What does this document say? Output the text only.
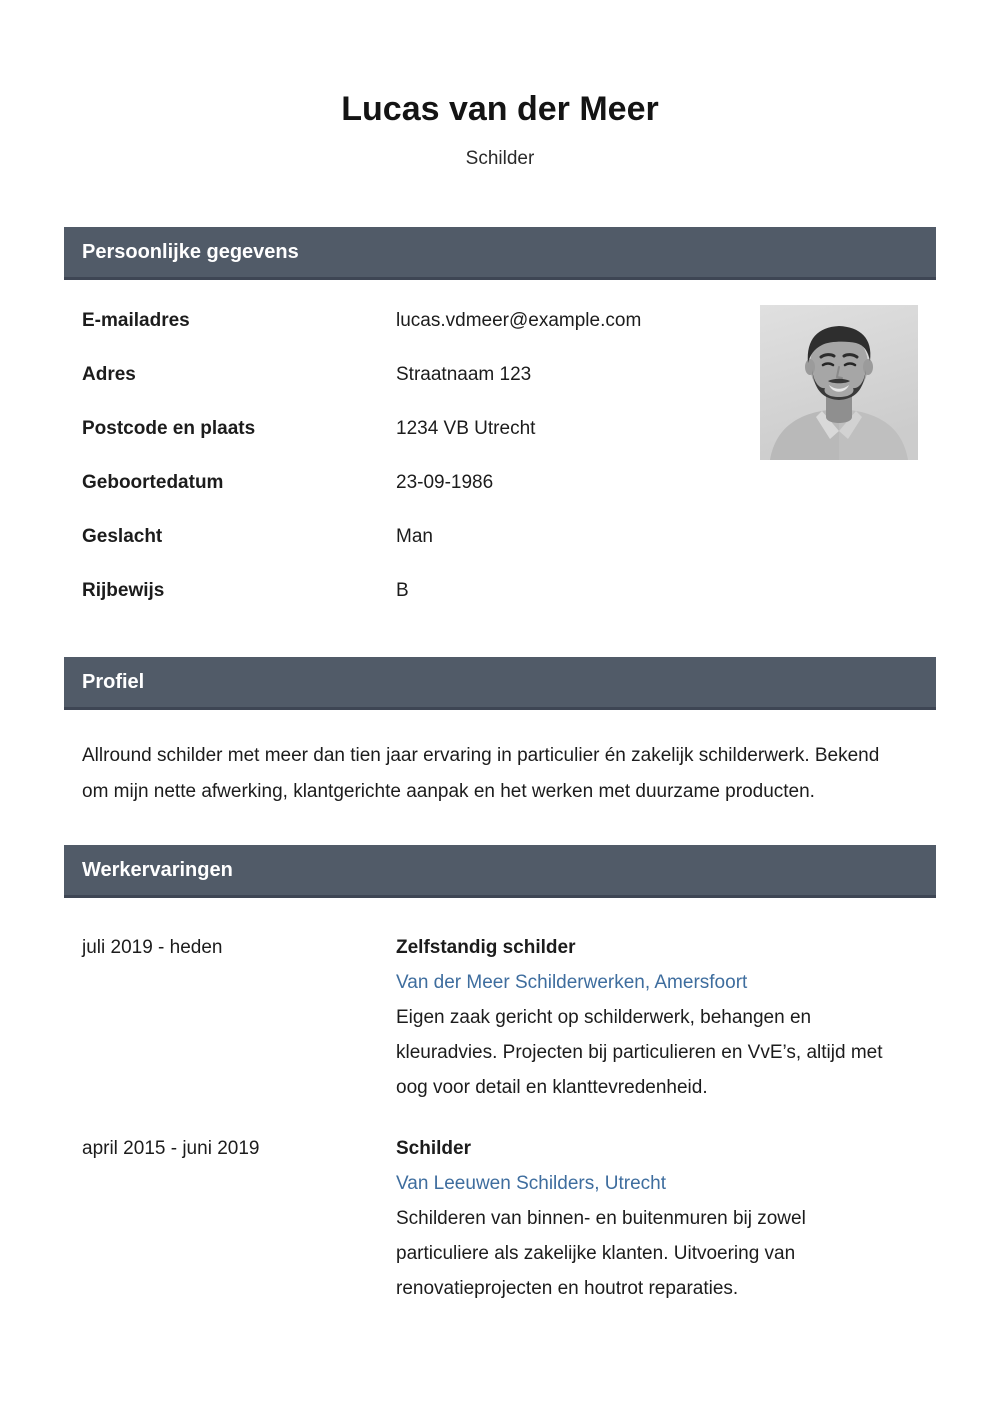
Lucas van der Meer
Schilder
Persoonlijke gegevens
E-mailadres	lucas.vdmeer@example.com
Adres	Straatnaam 123
Postcode en plaats	1234 VB Utrecht
Geboortedatum	23-09-1986
Geslacht	Man
Rijbewijs	B
Profiel

Allround schilder met meer dan tien jaar ervaring in particulier én zakelijk schilderwerk. Bekend om mijn nette afwerking, klantgerichte aanpak en het werken met duurzame producten.

Werkervaringen
juli 2019 - heden	Zelfstandig schilder
Van der Meer Schilderwerken, Amersfoort
Eigen zaak gericht op schilderwerk, behangen en kleuradvies. Projecten bij particulieren en VvE’s, altijd met oog voor detail en klanttevredenheid.
april 2015 - juni 2019	Schilder
Van Leeuwen Schilders, Utrecht
Schilderen van binnen- en buitenmuren bij zowel particuliere als zakelijke klanten. Uitvoering van renovatieprojecten en houtrot reparaties.
